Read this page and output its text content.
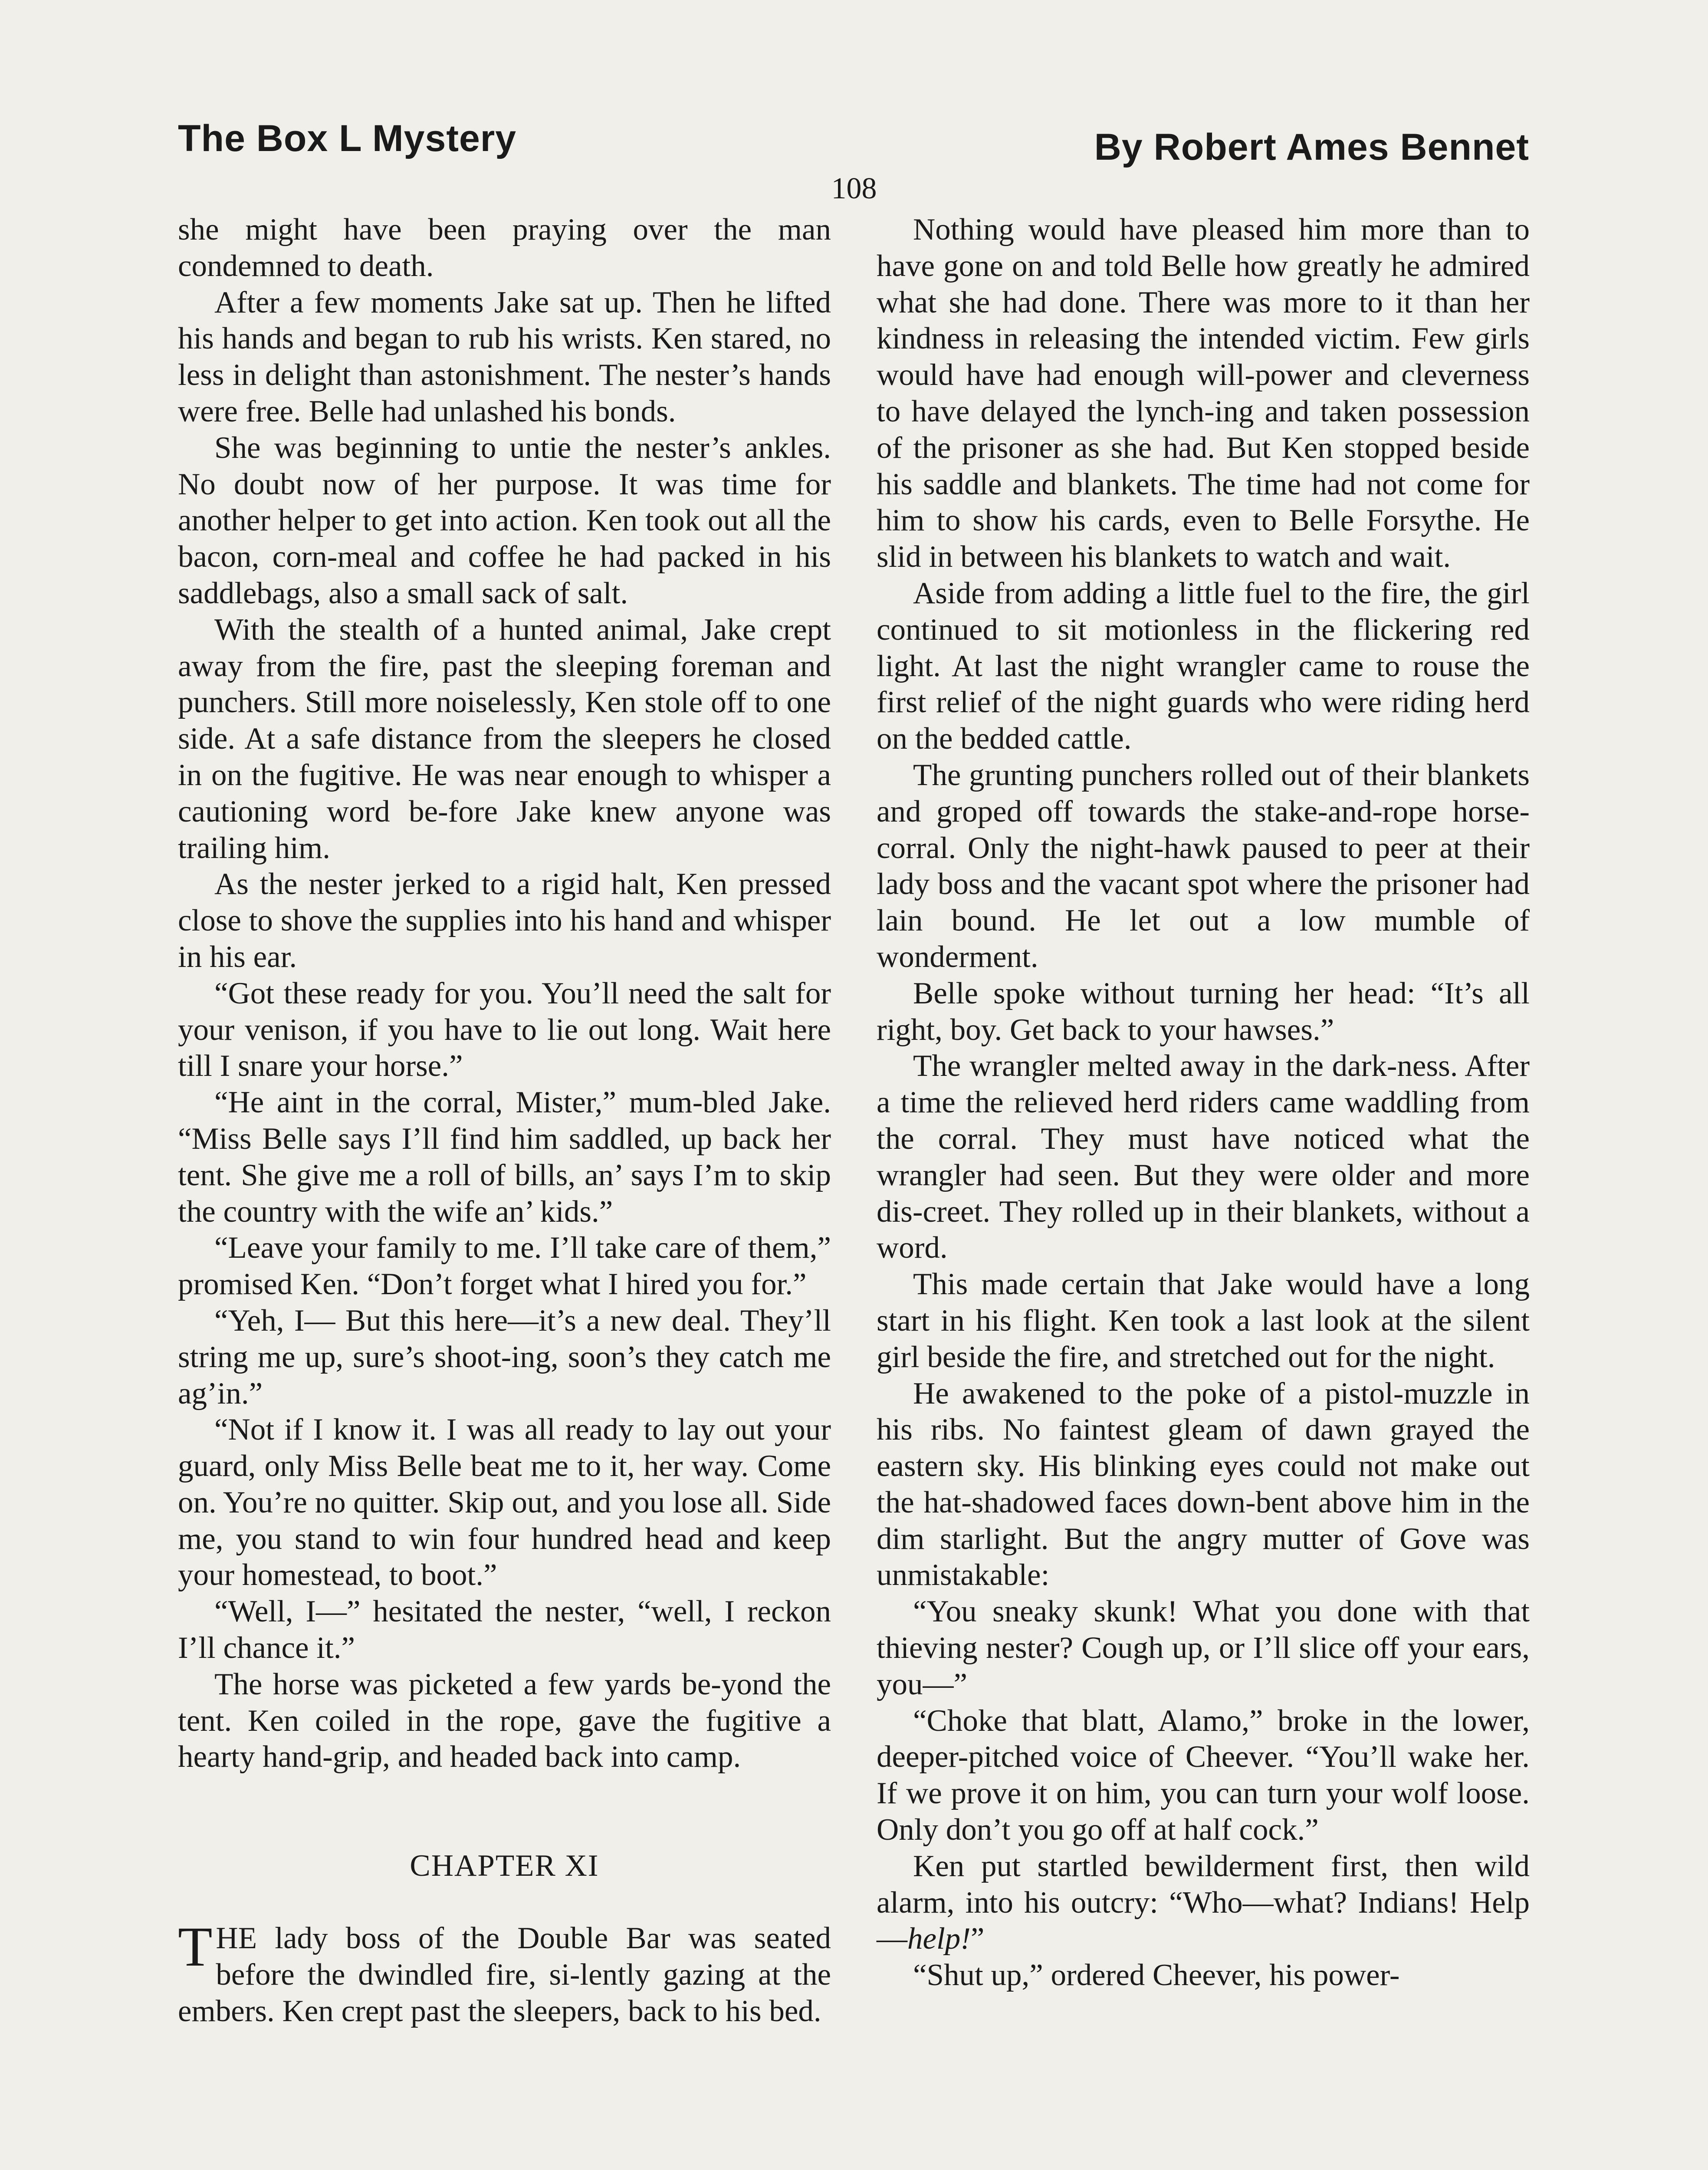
The Box L Mystery	By Robert Ames Bennet
108

she might have been praying over the man condemned to death.

After a few moments Jake sat up. Then he lifted his hands and began to rub his wrists. Ken stared, no less in delight than astonishment. The nester’s hands were free. Belle had unlashed his bonds.

She was beginning to untie the nester’s ankles. No doubt now of her purpose. It was time for another helper to get into action. Ken took out all the bacon, corn-meal and coffee he had packed in his saddlebags, also a small sack of salt.

With the stealth of a hunted animal, Jake crept away from the fire, past the sleeping foreman and punchers. Still more noiselessly, Ken stole off to one side. At a safe distance from the sleepers he closed in on the fugitive. He was near enough to whisper a cautioning word be-fore Jake knew anyone was trailing him.

As the nester jerked to a rigid halt, Ken pressed close to shove the supplies into his hand and whisper in his ear.

“Got these ready for you. You’ll need the salt for your venison, if you have to lie out long. Wait here till I snare your horse.”

“He aint in the corral, Mister,” mum-bled Jake. “Miss Belle says I’ll find him saddled, up back her tent. She give me a roll of bills, an’ says I’m to skip the country with the wife an’ kids.”

“Leave your family to me. I’ll take care of them,” promised Ken. “Don’t forget what I hired you for.”

“Yeh, I— But this here—it’s a new deal. They’ll string me up, sure’s shoot-ing, soon’s they catch me ag’in.”

“Not if I know it. I was all ready to lay out your guard, only Miss Belle beat me to it, her way. Come on. You’re no quitter. Skip out, and you lose all. Side me, you stand to win four hundred head and keep your homestead, to boot.”

“Well, I—” hesitated the nester, “well, I reckon I’ll chance it.”

The horse was picketed a few yards be-yond the tent. Ken coiled in the rope, gave the fugitive a hearty hand-grip, and headed back into camp.

CHAPTER XI

THE lady boss of the Double Bar was seated before the dwindled fire, si-lently gazing at the embers. Ken crept past the sleepers, back to his bed.

Nothing would have pleased him more than to have gone on and told Belle how greatly he admired what she had done. There was more to it than her kindness in releasing the intended victim. Few girls would have had enough will-power and cleverness to have delayed the lynch-ing and taken possession of the prisoner as she had. But Ken stopped beside his saddle and blankets. The time had not come for him to show his cards, even to Belle Forsythe. He slid in between his blankets to watch and wait.

Aside from adding a little fuel to the fire, the girl continued to sit motionless in the flickering red light. At last the night wrangler came to rouse the first relief of the night guards who were riding herd on the bedded cattle.

The grunting punchers rolled out of their blankets and groped off towards the stake-and-rope horse-corral. Only the night-hawk paused to peer at their lady boss and the vacant spot where the prisoner had lain bound. He let out a low mumble of wonderment.

Belle spoke without turning her head: “It’s all right, boy. Get back to your hawses.”

The wrangler melted away in the dark-ness. After a time the relieved herd riders came waddling from the corral. They must have noticed what the wrangler had seen. But they were older and more dis-creet. They rolled up in their blankets, without a word.

This made certain that Jake would have a long start in his flight. Ken took a last look at the silent girl beside the fire, and stretched out for the night.

He awakened to the poke of a pistol-muzzle in his ribs. No faintest gleam of dawn grayed the eastern sky. His blinking eyes could not make out the hat-shadowed faces down-bent above him in the dim starlight. But the angry mutter of Gove was unmistakable:

“You sneaky skunk! What you done with that thieving nester? Cough up, or I’ll slice off your ears, you—”

“Choke that blatt, Alamo,” broke in the lower, deeper-pitched voice of Cheever. “You’ll wake her. If we prove it on him, you can turn your wolf loose. Only don’t you go off at half cock.”

Ken put startled bewilderment first, then wild alarm, into his outcry: “Who—what? Indians! Help—help!”

“Shut up,” ordered Cheever, his power-
